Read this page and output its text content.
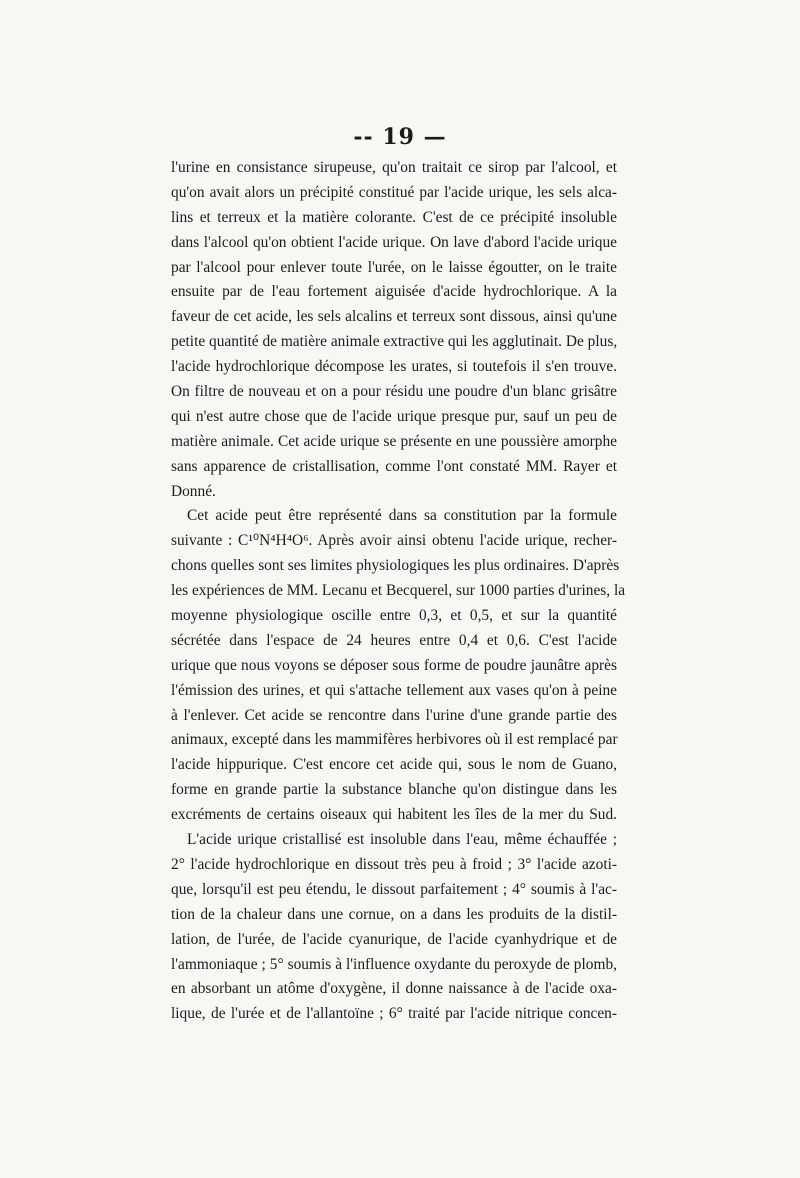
-- 19 —
l'urine en consistance sirupeuse, qu'on traitait ce sirop par l'alcool, et
qu'on avait alors un précipité constitué par l'acide urique, les sels alca-
lins et terreux et la matière colorante. C'est de ce précipité insoluble
dans l'alcool qu'on obtient l'acide urique. On lave d'abord l'acide urique
par l'alcool pour enlever toute l'urée, on le laisse égoutter, on le traite
ensuite par de l'eau fortement aiguisée d'acide hydrochlorique. A la
faveur de cet acide, les sels alcalins et terreux sont dissous, ainsi qu'une
petite quantité de matière animale extractive qui les agglutinait. De plus,
l'acide hydrochlorique décompose les urates, si toutefois il s'en trouve.
On filtre de nouveau et on a pour résidu une poudre d'un blanc grisâtre
qui n'est autre chose que de l'acide urique presque pur, sauf un peu de
matière animale. Cet acide urique se présente en une poussière amorphe
sans apparence de cristallisation, comme l'ont constaté MM. Rayer et
Donné.
Cet acide peut être représenté dans sa constitution par la formule
suivante : C¹⁰N⁴H⁴O⁶. Après avoir ainsi obtenu l'acide urique, recher-
chons quelles sont ses limites physiologiques les plus ordinaires. D'après
les expériences de MM. Lecanu et Becquerel, sur 1000 parties d'urines, la
moyenne physiologique oscille entre 0,3, et 0,5, et sur la quantité
sécrétée dans l'espace de 24 heures entre 0,4 et 0,6. C'est l'acide
urique que nous voyons se déposer sous forme de poudre jaunâtre après
l'émission des urines, et qui s'attache tellement aux vases qu'on à peine
à l'enlever. Cet acide se rencontre dans l'urine d'une grande partie des
animaux, excepté dans les mammifères herbivores où il est remplacé par
l'acide hippurique. C'est encore cet acide qui, sous le nom de Guano,
forme en grande partie la substance blanche qu'on distingue dans les
excréments de certains oiseaux qui habitent les îles de la mer du Sud.
L'acide urique cristallisé est insoluble dans l'eau, même échauffée ;
2° l'acide hydrochlorique en dissout très peu à froid ; 3° l'acide azoti-
que, lorsqu'il est peu étendu, le dissout parfaitement ; 4° soumis à l'ac-
tion de la chaleur dans une cornue, on a dans les produits de la distil-
lation, de l'urée, de l'acide cyanurique, de l'acide cyanhydrique et de
l'ammoniaque ; 5° soumis à l'influence oxydante du peroxyde de plomb,
en absorbant un atôme d'oxygène, il donne naissance à de l'acide oxa-
lique, de l'urée et de l'allantoïne ; 6° traité par l'acide nitrique concen-
